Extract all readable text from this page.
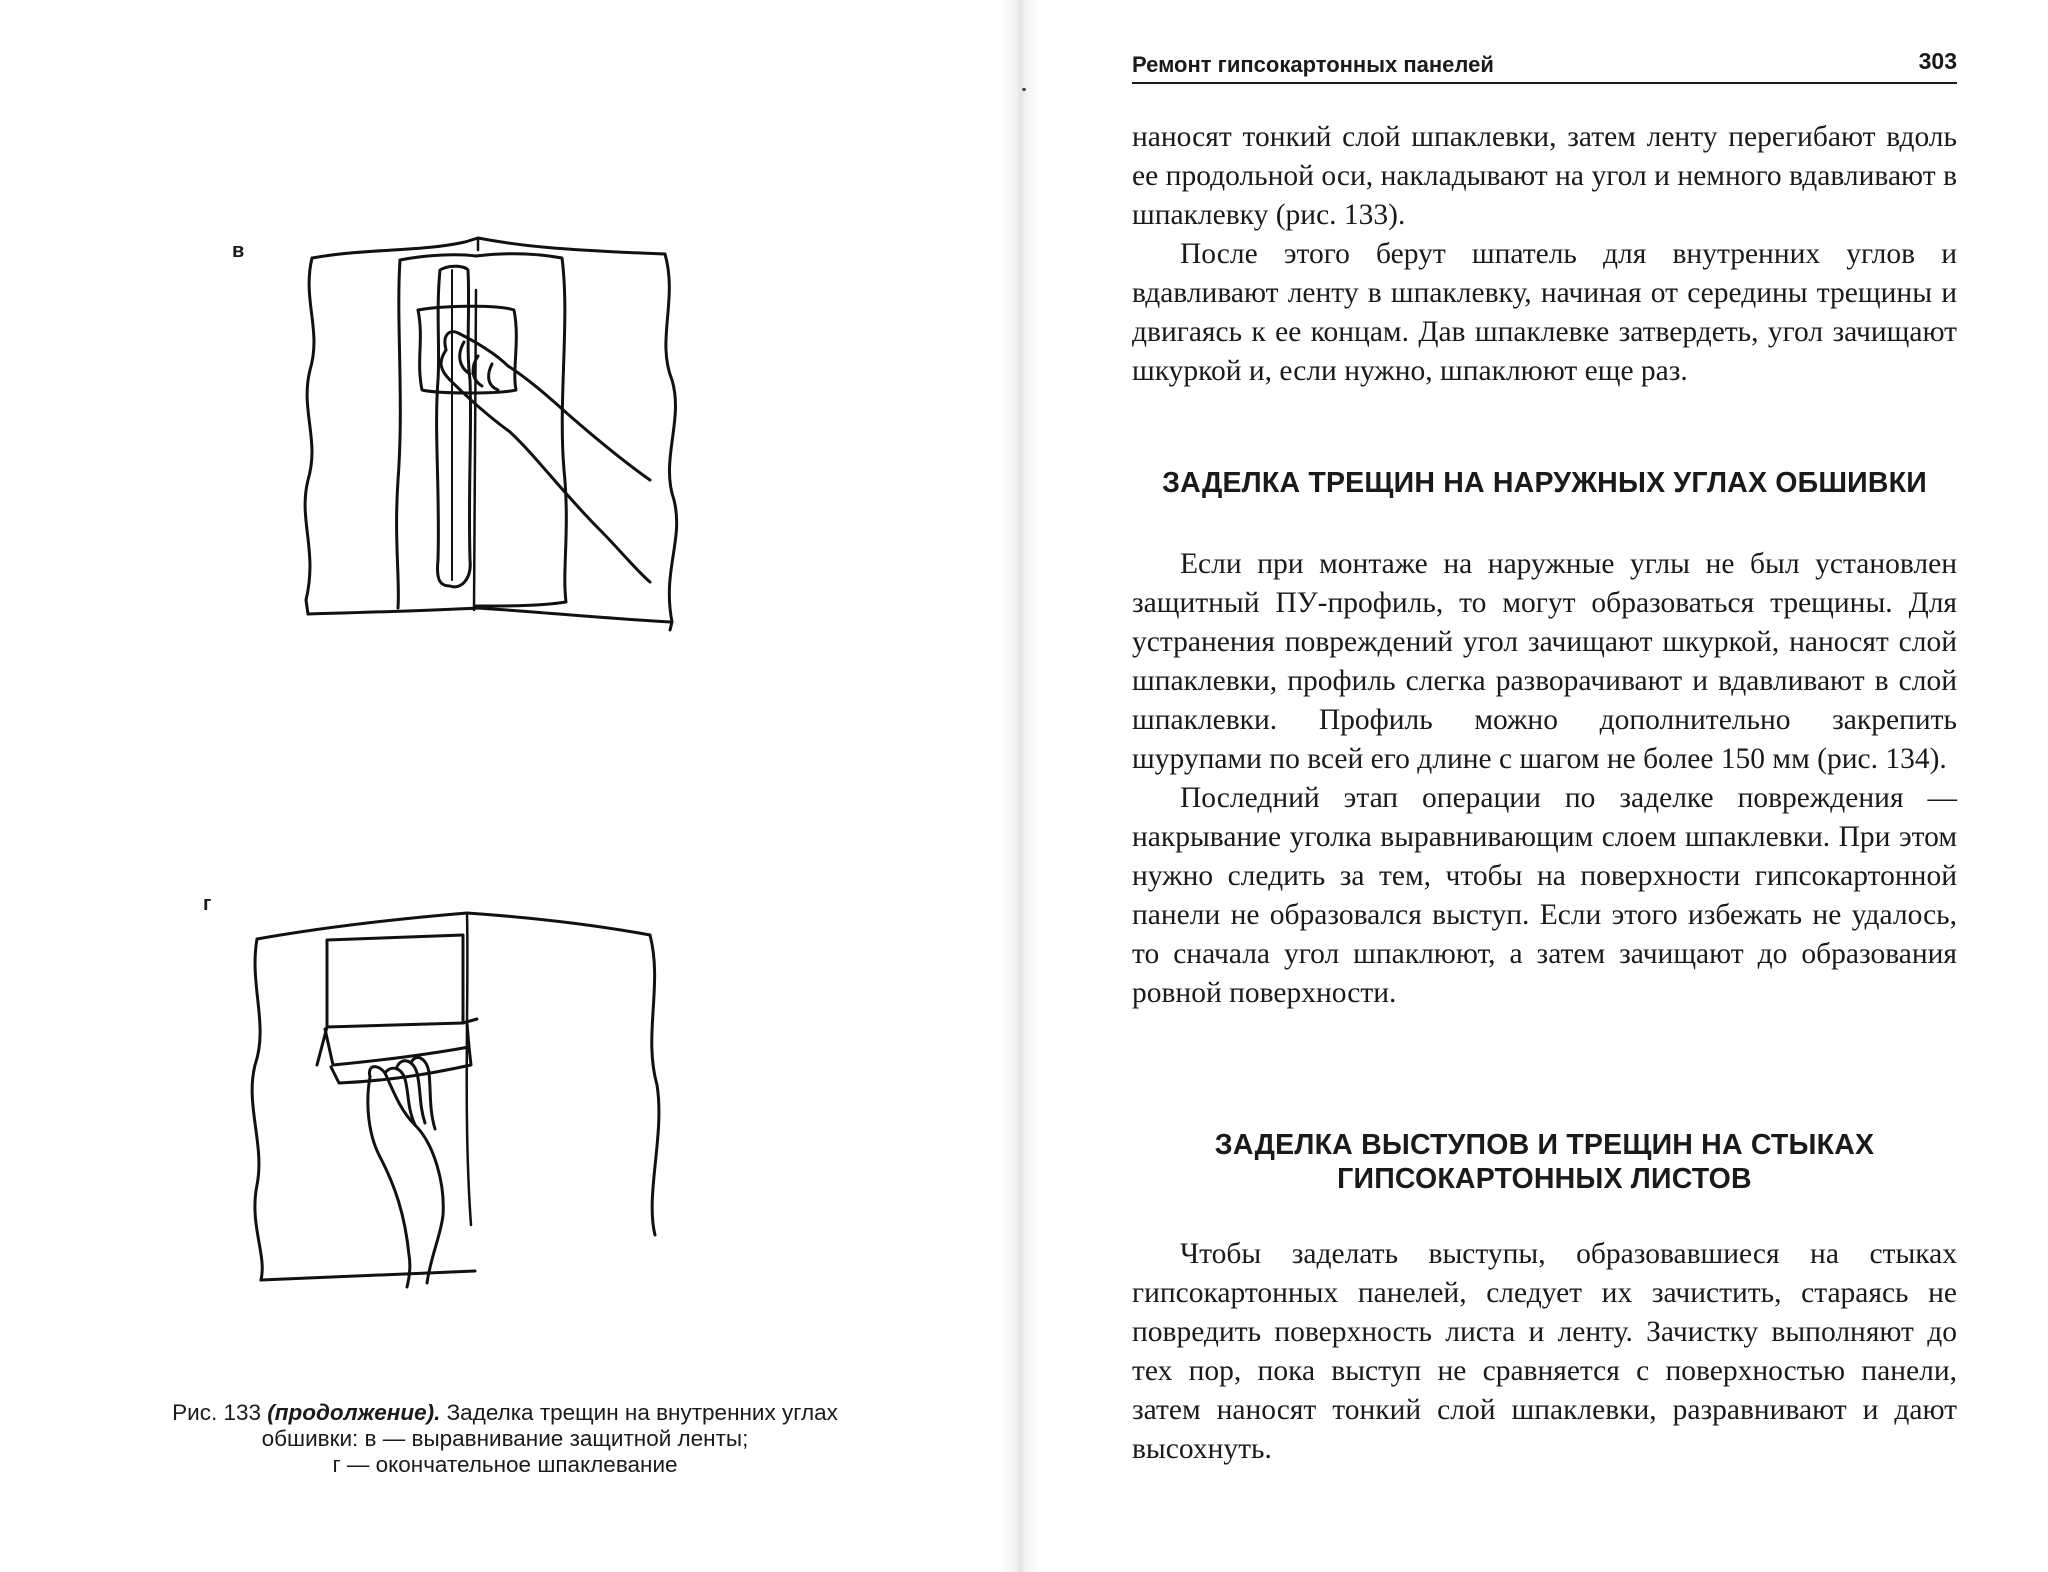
в
г
Рис. 133 (продолжение). Заделка трещин на внутренних углах
обшивки: в — выравнивание защитной ленты;
г — окончательное шпаклевание
Ремонт гипсокартонных панелей	303

наносят тонкий слой шпаклевки, затем ленту перегибают вдоль ее продольной оси, накладывают на угол и немного вдавливают в шпаклевку (рис. 133).

После этого берут шпатель для внутренних углов и вдавливают ленту в шпаклевку, начиная от середины трещины и двигаясь к ее концам. Дав шпаклевке затвердеть, угол зачищают шкуркой и, если нужно, шпаклюют еще раз.

ЗАДЕЛКА ТРЕЩИН НА НАРУЖНЫХ УГЛАХ ОБШИВКИ

Если при монтаже на наружные углы не был установлен защитный ПУ-профиль, то могут образоваться трещины. Для устранения повреждений угол зачищают шкуркой, наносят слой шпаклевки, профиль слегка разворачивают и вдавливают в слой шпаклевки. Профиль можно дополнительно закрепить шурупами по всей его длине с шагом не более 150 мм (рис. 134).

Последний этап операции по заделке повреждения — накрывание уголка выравнивающим слоем шпаклевки. При этом нужно следить за тем, чтобы на поверхности гипсокартонной панели не образовался выступ. Если этого избежать не удалось, то сначала угол шпаклюют, а затем зачищают до образования ровной поверхности.

ЗАДЕЛКА ВЫСТУПОВ И ТРЕЩИН НА СТЫКАХ
ГИПСОКАРТОННЫХ ЛИСТОВ

Чтобы заделать выступы, образовавшиеся на стыках гипсокартонных панелей, следует их зачистить, стараясь не повредить поверхность листа и ленту. Зачистку выполняют до тех пор, пока выступ не сравняется с поверхностью панели, затем наносят тонкий слой шпаклевки, разравнивают и дают высохнуть.
